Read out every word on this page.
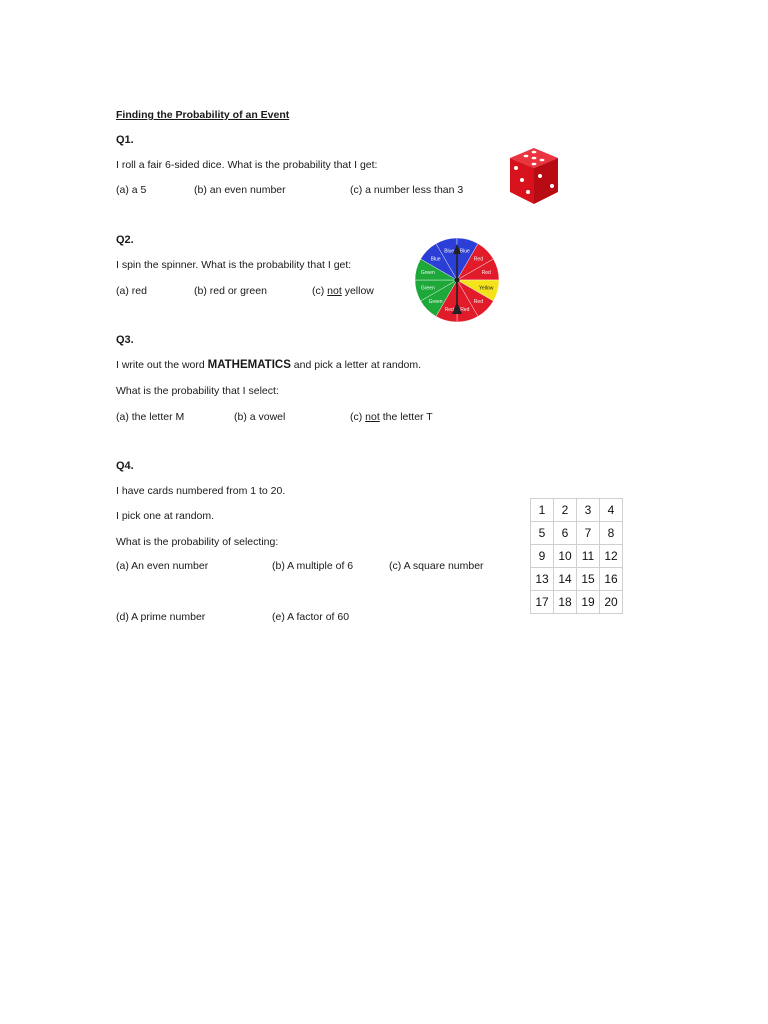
Finding the Probability of an Event
Q1.
I roll a fair 6-sided dice. What is the probability that I get:
(a) a 5	(b) an even number	(c) a number less than 3
Q2.
I spin the spinner. What is the probability that I get:
(a) red	(b) red or green	(c) not yellow
Blue Blue
Red
Red
Yellow
Red
Red
Red
Green
Green
Green
Blue
Q3.
I write out the word MATHEMATICS and pick a letter at random.
What is the probability that I select:
(a) the letter M	(b) a vowel	(c) not the letter T
Q4.
I have cards numbered from 1 to 20.
I pick one at random.
What is the probability of selecting:
(a) An even number	(b) A multiple of 6	(c) A square number
(d) A prime number	(e) A factor of 60
1	2	3	4
5	6	7	8
9	10	11	12
13	14	15	16
17	18	19	20
